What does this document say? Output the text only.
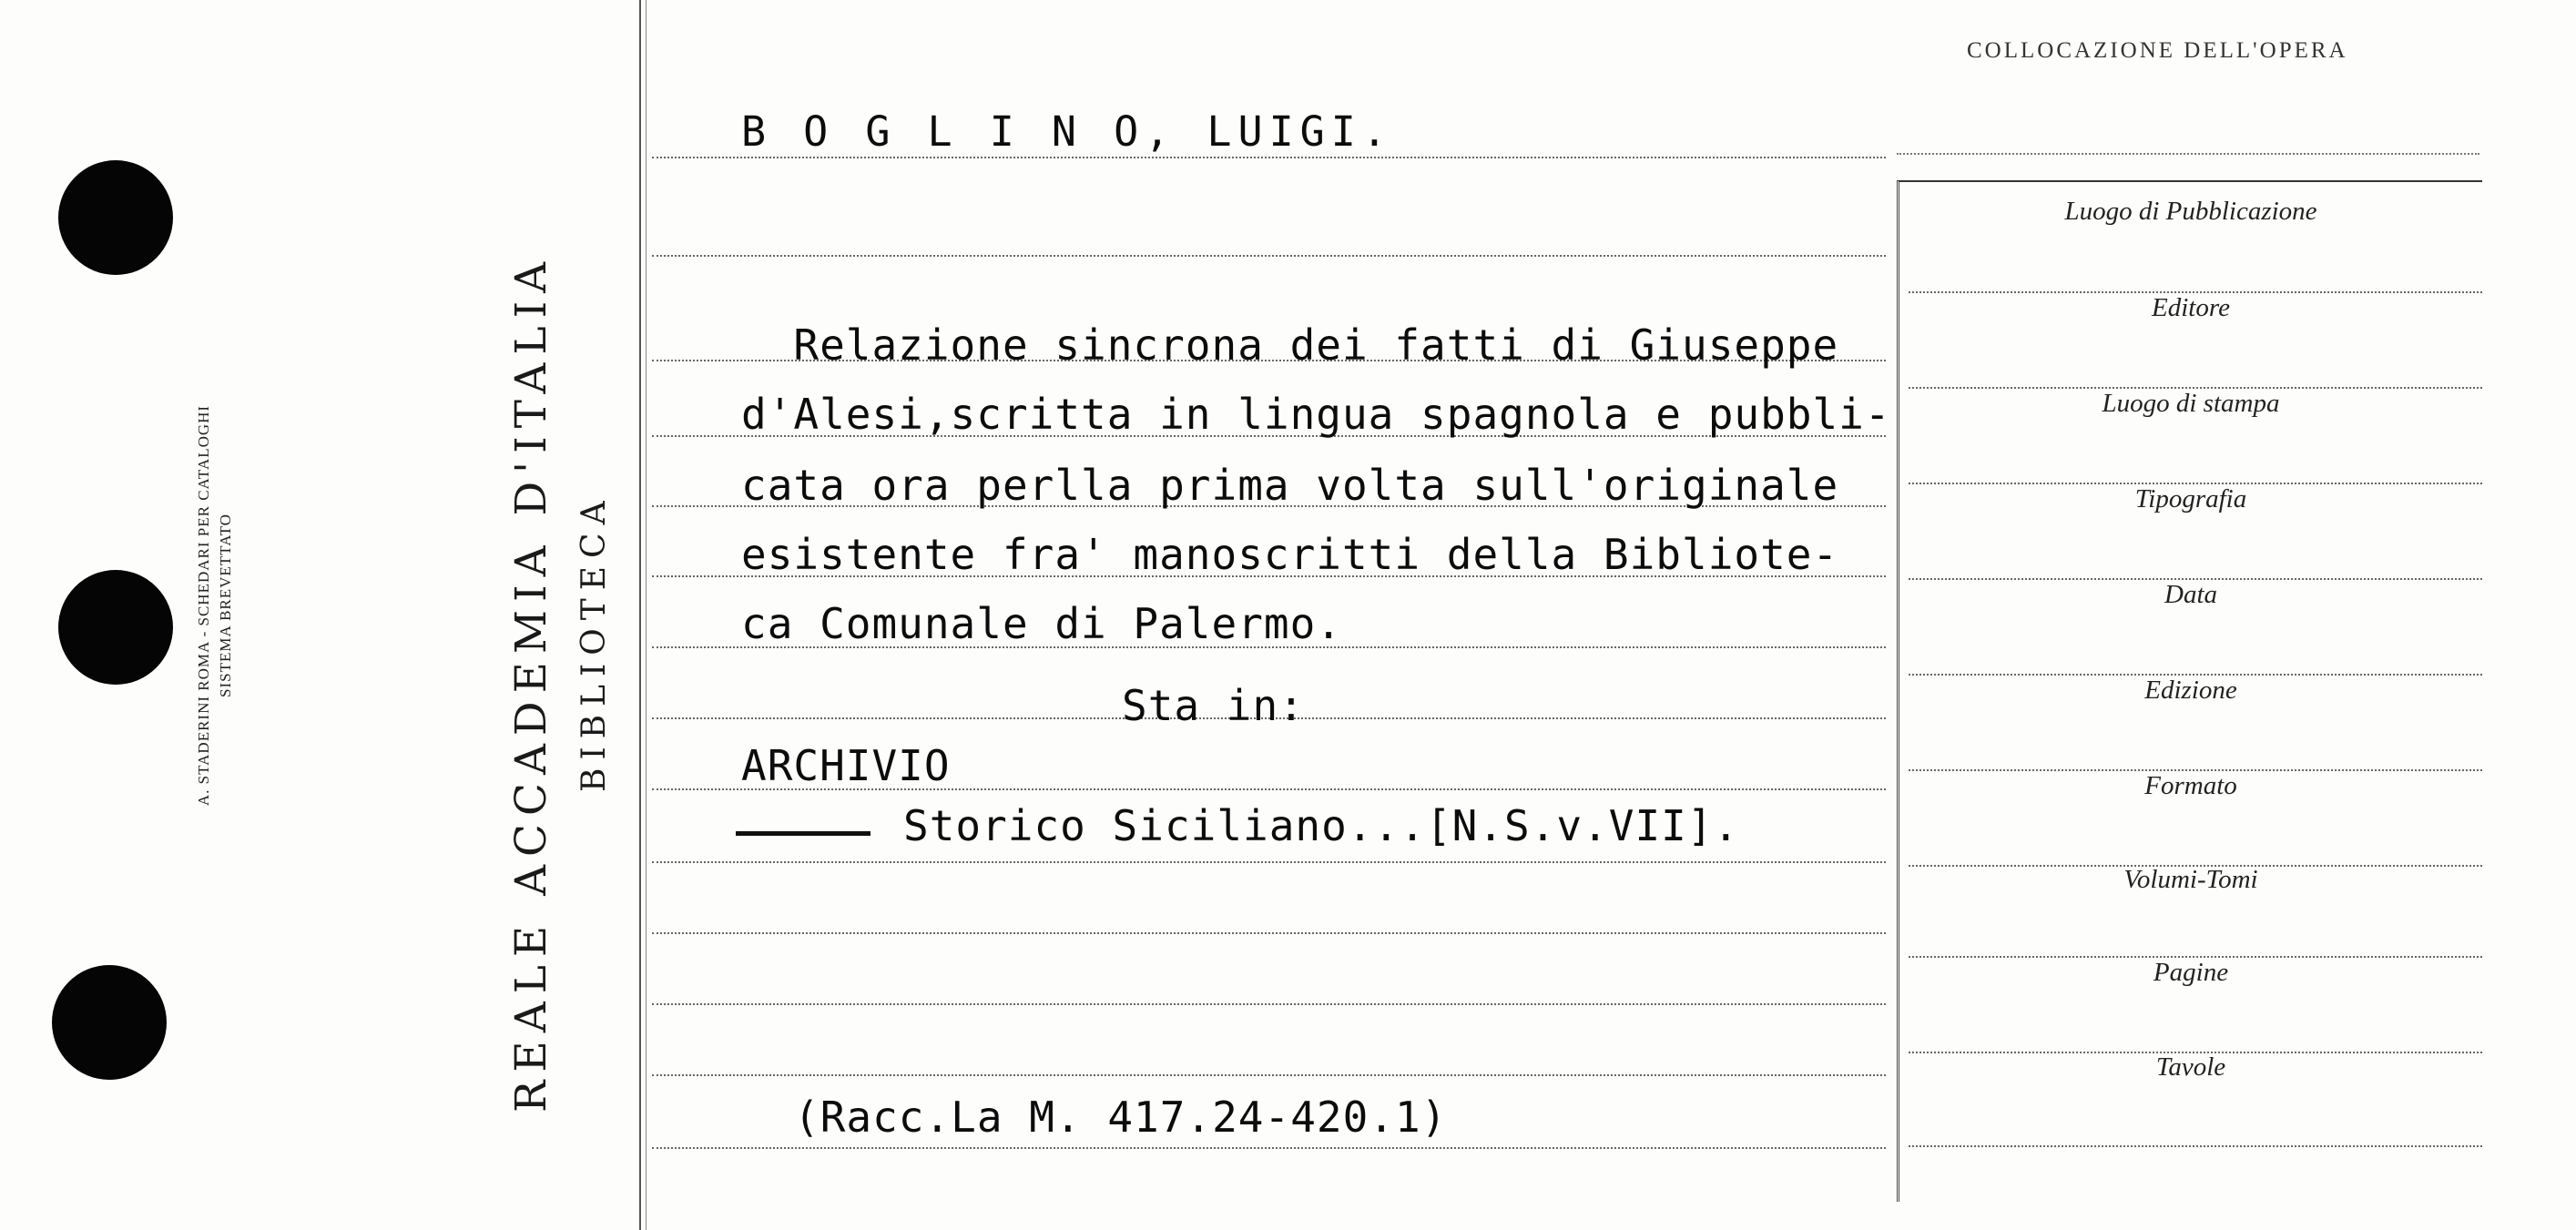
A. STADERINI ROMA - SCHEDARI PER CATALOGHI SISTEMA BREVETTATO	REALE ACCADEMIA D'ITALIA BIBLIOTECA
COLLOCAZIONE DELL'OPERA
Luogo di Pubblicazione
Editore
Luogo di stampa
Tipografia
Data
Edizione
Formato
Volumi-Tomi
Pagine
Tavole
B O G L I N O, LUIGI.
Relazione sincrona dei fatti di Giuseppe
d'Alesi,scritta in lingua spagnola e pubbli-
cata ora perlla prima volta sull'originale
esistente fra' manoscritti della Bibliote-
ca Comunale di Palermo.
Sta in:
ARCHIVIO
Storico Siciliano...[N.S.v.VII].
(Racc.La M. 417.24-420.1)
